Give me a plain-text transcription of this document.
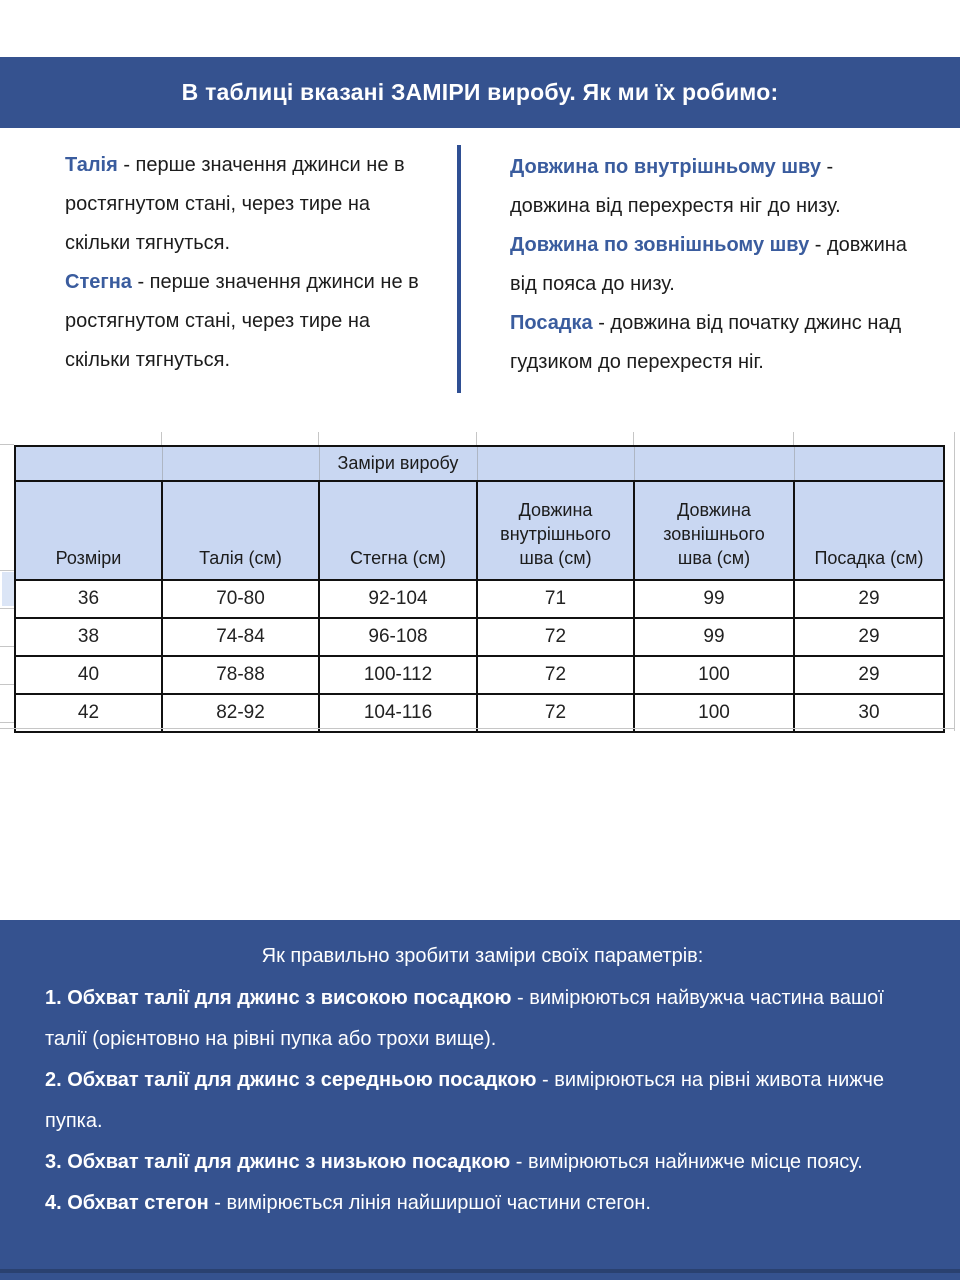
В таблиці вказані ЗАМІРИ виробу. Як ми їх робимо:

Талія - перше значення джинси не в ростягнутом стані, через тире на скільки тягнуться.

Стегна - перше значення джинси не в ростягнутом стані, через тире на скільки тягнуться.

Довжина по внутрішньому шву - довжина від перехрестя ніг до низу.

Довжина по зовнішньому шву - довжина від пояса до низу.

Посадка - довжина від початку джинс над гудзиком до перехрестя ніг.

		Заміри виробу			
Розміри	Талія (см)	Стегна (см)	Довжина внутрішнього шва (см)	Довжина зовнішнього шва (см)	Посадка (см)
36	70-80	92-104	71	99	29
38	74-84	96-108	72	99	29
40	78-88	100-112	72	100	29
42	82-92	104-116	72	100	30

Як правильно зробити заміри своїх параметрів:

1. Обхват талії для джинс з високою посадкою - вимірюються найвужча частина вашої талії (орієнтовно на рівні пупка або трохи вище).

2. Обхват талії для джинс з середньою посадкою - вимірюються на рівні живота нижче пупка.

3. Обхват талії для джинс з низькою посадкою - вимірюються найнижче місце поясу.

4. Обхват стегон - вимірюється лінія найширшої частини стегон.
